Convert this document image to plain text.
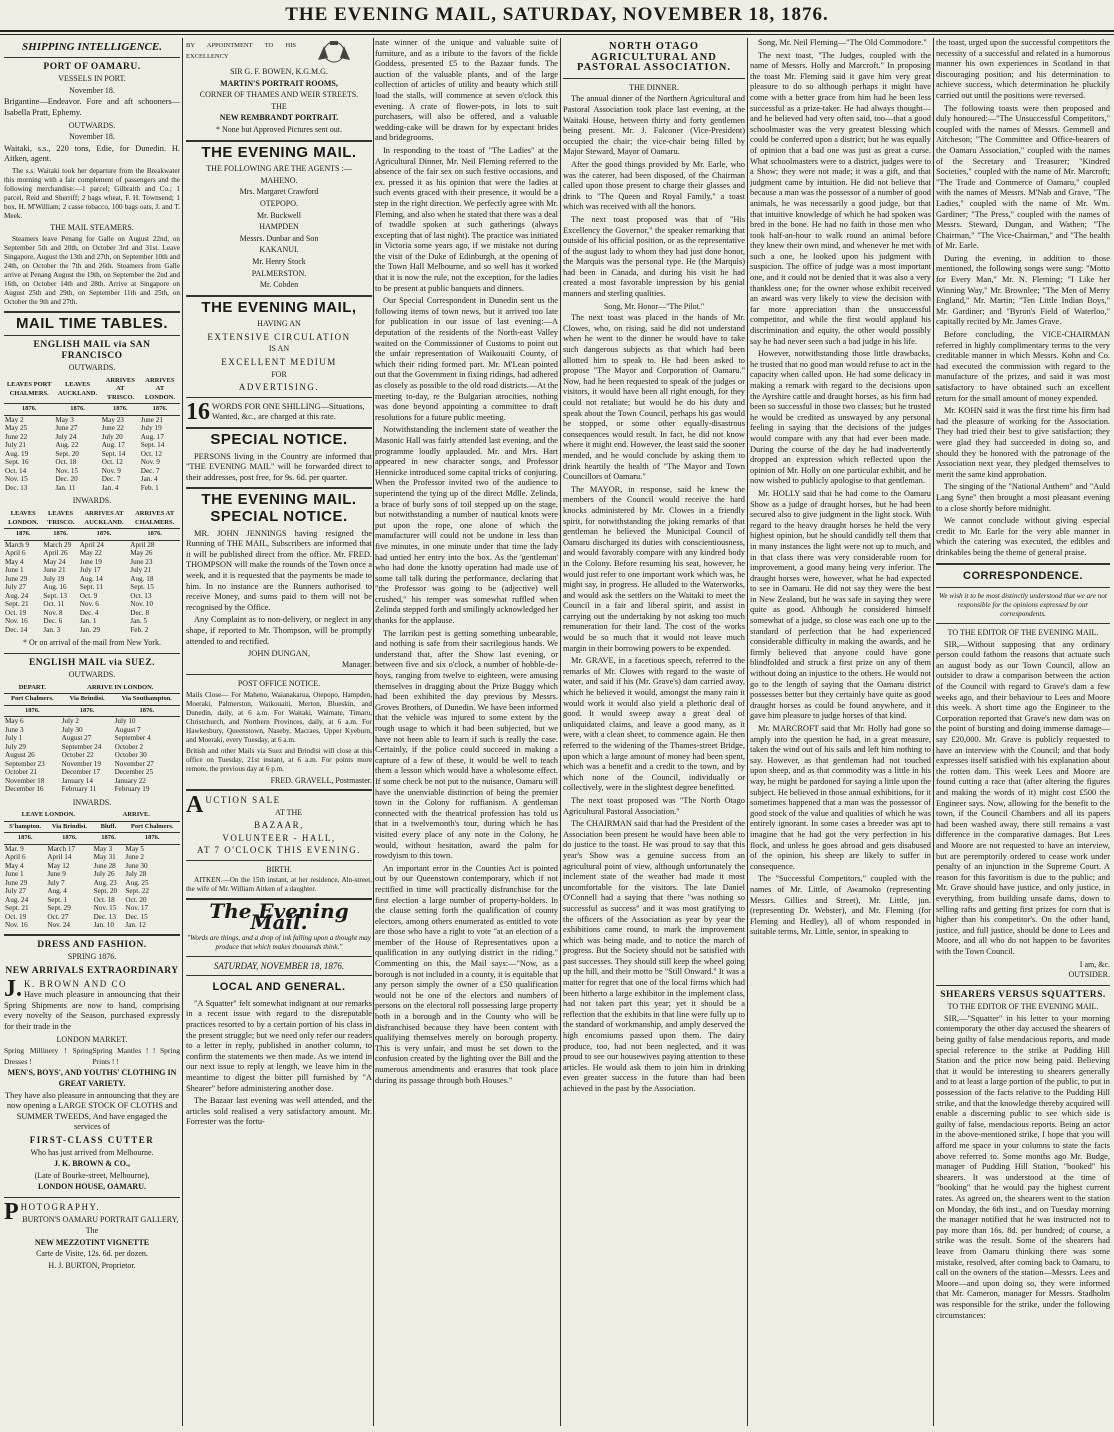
THE EVENING MAIL, SATURDAY, NOVEMBER 18, 1876.
SHIPPING INTELLIGENCE.
PORT OF OAMARU.
VESSELS IN PORT.
November 18.

Brigantine—Endeavor. Fore and aft schooners—Isabella Pratt, Ephemy.

OUTWARDS.
November 18.

Waitaki, s.s., 220 tons, Edie, for Dunedin. H. Aitken, agent.

The s.s. Waitaki took her departure from the Breakwater this morning with a fair complement of passengers and the following merchandise:—1 parcel; Gilbraith and Co.; 1 parcel, Reid and Sherriff; 2 bags wheat, F. H. Townsend; 1 box, H. M'William; 2 casse tobacco, 100 bags oats, J. and T. Meek.

THE MAIL STEAMERS.

Steamers leave Penang for Galle on August 22nd, on September 5th and 20th, on October 3rd and 31st. Leave Singapore, August the 13th and 27th, on September 10th and 24th, on October the 7th and 26th. Steamers from Galle arrive at Penang August the 19th, on September the 2nd and 16th, on October 14th and 28th. Arrive at Singapore on August 25th and 29th, on September 11th and 25th, on October the 9th and 27th.

MAIL TIME TABLES.
ENGLISH MAIL via SAN FRANCISCO
OUTWARDS.
LEAVES PORT CHALMERS.	LEAVES AUCKLAND.	ARRIVES AT 'FRISCO.	ARRIVES AT LONDON.
1876.	1876.	1876.	1876.
May 2	May 3	May 23	June 21
May 25	June 27	June 22	July 19
June 22	July 24	July 20	Aug. 17
July 21	Aug. 22	Aug. 17	Sept. 14
Aug. 19	Sept. 20	Sept. 14	Oct. 12
Sept. 16	Oct. 18	Oct. 12	Nov. 9
Oct. 14	Nov. 15	Nov. 9	Dec. 7
Nov. 15	Dec. 20	Dec. 7	Jan. 4
Dec. 13	Jan. 11	Jan. 4	Feb. 1
INWARDS.
LEAVES LONDON.	LEAVES 'FRISCO.	ARRIVES AT AUCKLAND.	ARRIVES AT CHALMERS.
1876.	1876.	1876.	1876.
March 9	March 29	April 24	April 28
April 6	April 26	May 22	May 26
May 4	May 24	June 19	June 23
June 1	June 21	July 17	July 21
June 29	July 19	Aug. 14	Aug. 18
July 27	Aug. 16	Sept. 11	Sept. 15
Aug. 24	Sept. 13	Oct. 9	Oct. 13
Sept. 21	Oct. 11	Nov. 6	Nov. 10
Oct. 19	Nov. 8	Dec. 4	Dec. 8
Nov. 16	Dec. 6	Jan. 1	Jan. 5
Dec. 14	Jan. 3	Jan. 29	Feb. 2
* Or on arrival of the mail from New York.
ENGLISH MAIL via SUEZ.
OUTWARDS.
DEPART.	ARRIVE IN LONDON.	
Port Chalmers.	Via Brindisi.	Via Southampton.
1876.	1876.	1876.
May 6	July 2	July 10
June 3	July 30	August 7
July 1	August 27	September 4
July 29	September 24	October 2
August 26	October 22	October 30
September 23	November 19	November 27
October 21	December 17	December 25
November 18	January 14	January 22
December 16	February 11	February 19
INWARDS.
LEAVE LONDON.		ARRIVE.	
S'hampton.	Via Brindisi.	Bluff.	Port Chalmers.
1876.	1876.	1876.	1876.
Mar. 9	March 17	May 3	May 5
April 6	April 14	May 31	June 2
May 4	May 12	June 28	June 30
June 1	June 9	July 26	July 28
June 29	July 7	Aug. 23	Aug. 25
July 27	Aug. 4	Sept. 20	Sept. 22
Aug. 24	Sept. 1	Oct. 18	Oct. 20
Sept. 21	Sept. 29	Nov. 15	Nov. 17
Oct. 19	Oct. 27	Dec. 13	Dec. 15
Nov. 16	Nov. 24	Jan. 10	Jan. 12
DRESS AND FASHION.
SPRING 1876.
NEW ARRIVALS EXTRAORDINARY
J. K. BROWN AND CO

Have much pleasure in announcing that their Spring Shipments are now to hand, comprising every novelty of the Season, purchased expressly for their trade in the

LONDON MARKET.
Spring Millinery ! Spring Dresses !
Spring Mantles ! ! Spring Prints ! !
MEN'S, BOYS', AND YOUTHS' CLOTHING IN GREAT VARIETY.

They have also pleasure in announcing that they are now opening a LARGE STOCK OF CLOTHS and SUMMER TWEEDS, And have engaged the services of

FIRST-CLASS CUTTER
Who has just arrived from Melbourne.
J. K. BROWN & CO.,
(Late of Bourke-street, Melbourne),
LONDON HOUSE, OAMARU.
PHOTOGRAPHY.
BURTON'S OAMARU PORTRAIT GALLERY,
The
NEW MEZZOTINT VIGNETTE
Carte de Visite, 12s. 6d. per dozen.
H. J. BURTON, Proprietor.
BY APPOINTMENT TO HIS EXCELLENCY
SIR G. F. BOWEN, K.G.M.G.
MARTIN'S PORTRAIT ROOMS,
CORNER OF THAMES AND WEIR STREETS.
THE
NEW REMBRANDT PORTRAIT.
* None but Approved Pictures sent out.
THE EVENING MAIL.
THE FOLLOWING ARE THE AGENTS :—
MAHENO.
Mrs. Margaret Crawford
OTEPOPO.
Mr. Buckwell
HAMPDEN
Messrs. Dunbar and Son
KAKANUI.
Mr. Henry Stock
PALMERSTON.
Mr. Cobden
THE EVENING MAIL,
HAVING AN
EXTENSIVE CIRCULATION
IS AN
EXCELLENT MEDIUM
FOR
ADVERTISING.
16 WORDS FOR ONE SHILLING—Situations, Wanted, &c., are charged at this rate.
SPECIAL NOTICE.

PERSONS living in the Country are informed that "THE EVENING MAIL" will be forwarded direct to their addresses, post free, for 9s. 6d. per quarter.

THE EVENING MAIL.
SPECIAL NOTICE.

MR. JOHN JENNINGS having resigned the Running of THE MAIL, Subscribers are informed that it will be published direct from the office. Mr. FRED. THOMPSON will make the rounds of the Town once a week, and it is requested that the payments be made to him. In no instance are the Runners authorised to receive Money, and sums paid to them will not be recognised by the Office.

Any Complaint as to non-delivery, or neglect in any shape, if reported to Mr. Thompson, will be promptly attended to and rectified.

JOHN DUNGAN,
Manager.
POST OFFICE NOTICE.

Mails Close— For Maheno, Waianakarua, Otepopo, Hampden, Moeraki, Palmerston, Waikouaiti, Merton, Blueskin, and Dunedin, daily, at 6 a.m. For Waitaki, Waimate, Timaru, Christchurch, and Northern Provinces, daily, at 6 a.m. For Hawkesbury, Queenstown, Naseby, Macraes, Upper Kyeburn, and Moeraki, every Tuesday, at 6 a.m.

British and other Mails via Suez and Brindisi will close at this office on Tuesday, 21st instant, at 6 a.m. For points more remote, the previous day at 6 p.m.

FRED. GRAVELL, Postmaster.
AUCTION SALE
AT THE
BAZAAR,
VOLUNTEER - HALL,
AT 7 O'CLOCK THIS EVENING.
BIRTH.

AITKEN.—On the 15th instant, at her residence, Aln-street, the wife of Mr. William Aitken of a daughter.

The Evening Mail.

"Words are things, and a drop of ink falling upon a thought may produce that which makes thousands think."

SATURDAY, NOVEMBER 18, 1876.
LOCAL AND GENERAL.

"A Squatter" felt somewhat indignant at our remarks in a recent issue with regard to the disreputable practices resorted to by a certain portion of his class in the present struggle; but we need only refer our readers to a letter in reply, published in another column, to confirm the statements we then made. As we intend in our next issue to reply at length, we leave him in the meantime to digest the bitter pill furnished by "A Shearer" before administering another dose.

The Bazaar last evening was well attended, and the articles sold realised a very satisfactory amount. Mr. Forrester was the fortu-

nate winner of the unique and valuable suite of furniture, and as a tribute to the favors of the fickle Goddess, presented £5 to the Bazaar funds. The auction of the valuable plants, and of the large collection of articles of utility and beauty which still load the stalls, will commence at seven o'clock this evening. A crate of flower-pots, in lots to suit purchasers, will also be offered, and a valuable wedding-cake will be drawn for by expectant brides and bridegrooms.

In responding to the toast of "The Ladies" at the Agricultural Dinner, Mr. Neil Fleming referred to the absence of the fair sex on such festive occasions, and ex. pressed it as his opinion that were the ladies at such events graced with their presence, it would be a step in the right direction. We perfectly agree with Mr. Fleming, and also when he stated that there was a deal of twaddle spoken at such gatherings (always excepting that of last night). The practice was initiated in Victoria some years ago, if we mistake not during the visit of the Duke of Edinburgh, at the opening of the Town Hall Melbourne, and so well has it worked that it is now the rule, not the exception, for the ladies to be present at public banquets and dinners.

Our Special Correspondent in Dunedin sent us the following items of town news, but it arrived too late for publication in our issue of last evening:—A deputation of the residents of the North-east Valley waited on the Commissioner of Customs to point out the unfair representation of Waikouaiti County, of which their riding formed part. Mr. M'Lean pointed out that the Government in fixing ridings, had adhered as closely as possible to the old road districts.—At the meeting to-day, re the Bulgarian atrocities, nothing was done beyond appointing a committee to draft resolutions for a future public meeting.

Notwithstanding the inclement state of weather the Masonic Hall was fairly attended last evening, and the programme loudly applauded. Mr. and Mrs. Hart appeared in new character songs, and Professor Hennicke introduced some capital tricks of conjuring. When the Professor invited two of the audience to superintend the tying up of the direct Mdlle. Zelinda, a brace of burly sons of toil stepped up on the stage, but notwithstanding a number of nautical knots were put upon the rope, one alone of which the manufacturer will could not be undone in less than five minutes, in one minute under that time the lady had untied her entry into the box. As the 'gentleman' who had done the knotty operation had made use of some tall talk during the performance, declaring that "the Professor was going to be (adjective) well crushed," his temper was somewhat ruffled when Zelinda stepped forth and smilingly acknowledged her thanks for the applause.

The larrikin pest is getting something unbearable, and nothing is safe from their sacrilegious hands. We understand that, after the Show last evening, or between five and six o'clock, a number of hobble-de-hoys, ranging from twelve to eighteen, were amusing themselves in dragging about the Prize Buggy which had been exhibited the day previous by Messrs. Groves Brothers, of Dunedin. We have been informed that the vehicle was injured to some extent by the rough usage to which it had been subjected, but we have not been able to learn if such is really the case. Certainly, if the police could succeed in making a capture of a few of these, it would be well to teach them a lesson which would have a wholesome effect. If some check be not put to the nuisance, Oamaru will have the unenviable distinction of being the premier town in the Colony for ruffianism. A gentleman connected with the theatrical profession has told us that in a twelvemonth's tour, during which he has visited every place of any note in the Colony, he would, without hesitation, award the palm for rowdyism to this town.

An important error in the Counties Act is pointed out by our Queenstown contemporary, which if not rectified in time will practically disfranchise for the first election a large number of property-holders. In the clause setting forth the qualification of county electors, among others enumerated as entitled to vote are those who have a right to vote "at an election of a member of the House of Representatives upon a qualification in any outlying district in the riding." Commenting on this, the Mail says:—"Now, as a borough is not included in a county, it is equitable that any person simply the owner of a £50 qualification would not be one of the electors and numbers of persons on the electoral roll possessing large property both in a borough and in the County who will be disfranchised because they have been content with qualifying themselves merely on borough property. This is very unfair, and must be set down to the confusion created by the lighting over the Bill and the numerous amendments and erasures that took place during its passage through both Houses."

NORTH OTAGO AGRICULTURAL AND PASTORAL ASSOCIATION.
THE DINNER.

The annual dinner of the Northern Agricultural and Pastoral Association took place last evening, at the Waitaki House, between thirty and forty gentlemen being present. Mr. J. Falconer (Vice-President) occupied the chair; the vice-chair being filled by Major Steward, Mayor of Oamaru.

After the good things provided by Mr. Earle, who was the caterer, had been disposed, of the Chairman called upon those present to charge their glasses and drink to "The Queen and Royal Family," a toast which was received with all the honors.

The next toast proposed was that of "His Excellency the Governor," the speaker remarking that outside of his official position, or as the representative of the august lady to whom they had just done honor, the Marquis was the personal type. He (the Marquis) had been in Canada, and during his visit he had created a most favorable impression by his genial manners and sterling qualities.

Song, Mr. Honor—"The Pilot."

The next toast was placed in the hands of Mr. Clowes, who, on rising, said he did not understand when he went to the dinner he would have to take such dangerous subjects as that which had been allotted him to speak to. He had been asked to propose "The Mayor and Corporation of Oamaru." Now, had he been requested to speak of the judges or visitors, it would have been all right enough, for they could not retaliate; but would he do his duty and speak about the Town Council, perhaps his gas would be stopped, or some other equally-disastrous consequences would result. In fact, he did not know where it might end. However, the least said the sooner mended, and he would conclude by asking them to drink heartily the health of "The Mayor and Town Councillors of Oamaru."

The MAYOR, in response, said he knew the members of the Council would receive the hard knocks administered by Mr. Clowes in a friendly spirit, for notwithstanding the joking remarks of that gentleman he believed the Municipal Council of Oamaru discharged its duties with conscientiousness, and would favorably compare with any kindred body in the Colony. Before resuming his seat, however, he would just refer to one important work which was, he might say, in progress. He alluded to the Waterworks, and would ask the settlers on the Waitaki to meet the Council in a fair and liberal spirit, and assist in carrying out the undertaking by not asking too much remuneration for their land. The cost of the works would be so much that it would not leave much margin in their borrowing powers to be expended.

Mr. GRAVE, in a facetious speech, referred to the remarks of Mr. Clowes with regard to the waste of water, and said if his (Mr. Grave's) dam carried away, which he believed it would, amongst the many rain it would work it would also yield a plethoric deal of good. It would sweep away a great deal of unliquidated claims, and leave a good many, as it were, with a clean sheet, to commence again. He then referred to the widening of the Thames-street Bridge, upon which a large amount of money had been spent, which was a benefit and a credit to the town, and by which none of the Council, individually or collectively, were in the slightest degree benefitted.

The next toast proposed was "The North Otago Agricultural Pastoral Association."

The CHAIRMAN said that had the President of the Association been present he would have been able to do justice to the toast. He was proud to say that this year's Show was a genuine success from an agricultural point of view, although unfortunately the inclement state of the weather had made it most uncomfortable for the visitors. The late Daniel O'Connell had a saying that there "was nothing so successful as success" and it was most gratifying to the officers of the Association as year by year the exhibitions came round, to mark the improvement which was being made, and to notice the march of progress. But the Society should not be satisfied with past successes. They should still keep the wheel going up the hill, and their motto be "Still Onward." It was a matter for regret that one of the local firms which had been hitherto a large exhibitor in the implement class, had not taken part this year; yet it should be a reflection that the exhibits in that line were fully up to the standard of workmanship, and amply deserved the high encomiums passed upon them. The dairy produce, too, had not been neglected, and it was proud to see our housewives paying attention to these articles. He would ask them to join him in drinking even greater success in the future than had been achieved in the past by the Association.

Song, Mr. Neil Fleming—"The Old Commodore."

The next toast, "The Judges, coupled with the name of Messrs. Holly and Marcroft." In proposing the toast Mr. Fleming said it gave him very great pleasure to do so although perhaps it might have come with a better grace from him had he been less successful as a prize-taker. He had always thought—and he believed had very often said, too—that a good schoolmaster was the very greatest blessing which could be conferred upon a district; but he was equally of opinion that a bad one was just as great a curse. What schoolmasters were to a district, judges were to a Show; they were not made; it was a gift, and that judgment came by intuition. He did not believe that because a man was the possessor of a number of good animals, he was necessarily a good judge, but that that intuitive knowledge of which he had spoken was bred in the bone. He had no faith in those men who took half-an-hour to walk round an animal before they knew their own mind, and whenever he met with such a one, he looked upon his judgment with suspicion. The office of judge was a most important one, and it could not be denied that it was also a very thankless one; for the owner whose exhibit received an award was very likely to view the decision with far more appreciation than the unsuccessful competitor, and while the first would applaud his discrimination and equity, the other would possibly say he had never seen such a bad judge in his life.

However, notwithstanding those little drawbacks, he trusted that no good man would refuse to act in the capacity when called upon. He had some delicacy in making a remark with regard to the decisions upon the Ayrshire cattle and draught horses, as his firm had been so successful in those two classes; but he trusted he would be credited as unswayed by any personal feeling in saying that the decisions of the judges would compare with any that had ever been made. During the course of the day he had inadvertently dropped an expression which reflected upon the opinion of Mr. Holly on one particular exhibit, and he now wished to publicly apologise to that gentleman.

Mr. HOLLY said that he had come to the Oamaru Show as a judge of draught horses, but he had been secured also to give judgment in the light stock. With regard to the heavy draught horses he held the very highest opinion, but he should candidly tell them that in many instances the light were not up to much, and in that class there was very considerable room for improvement, a good many being very inferior. The draught horses were, however, what he had expected to see in Oamaru. He did not say they were the best in New Zealand, but he was safe in saying they were quite as good. Although he considered himself somewhat of a judge, so close was each one up to the standard of perfection that he had experienced considerable difficulty in making the awards, and he firmly believed that anyone could have gone blindfolded and struck a first prize on any of them without doing an injustice to the others. He would not go to the length of saying that the Oamaru district possesses better but they certainly have quite as good draught horses as could be found anywhere, and it gave him pleasure to judge horses of that kind.

Mr. MARCROFT said that Mr. Holly had gone so amply into the question he had, in a great measure, taken the wind out of his sails and left him nothing to say. However, as that gentleman had not touched upon sheep, and as that commodity was a little in his way, he might be pardoned for saying a little upon the subject. He believed in those annual exhibitions, for it sometimes happened that a man was the possessor of good stock of the value and qualities of which he was entirely ignorant. In some cases a breeder was apt to imagine that he had got the very perfection in his flock, and unless he goes abroad and gets disabused of the opinion, his sheep are likely to suffer in consequence.

The "Successful Competitors," coupled with the names of Mr. Little, of Awamoko (representing Messrs. Gillies and Street), Mr. Little, jun. (representing Dr. Webster), and Mr. Fleming (for Fleming and Hedley), all of whom responded in suitable terms, Mr. Little, senior, in speaking to

the toast, urged upon the successful competitors the necessity of a successful and related in a humorous manner his own experiences in Scotland in that discouraging position; and his determination to achieve success, which determination he pluckily carried out until the positions were reversed.

The following toasts were then proposed and duly honoured:—"The Unsuccessful Competitors," coupled with the names of Messrs. Gemmell and Aitcheson; "The Committee and Office-bearers of the Oamaru Association," coupled with the names of the Secretary and Treasurer; "Kindred Societies," coupled with the name of Mr. Marcroft; "The Trade and Commerce of Oamaru," coupled with the names of Messrs. M'Nab and Grave, "The Ladies," coupled with the name of Mr. Wm. Gardiner; "The Press," coupled with the names of Messrs. Steward, Dungan, and Wathen; "The Chairman," "The Vice-Chairman," and "The health of Mr. Earle.

During the evening, in addition to those mentioned, the following songs were sung: "Motto for Every Man," Mr. N. Fleming; "I Like her Winning Way," Mr. Brownlee; "The Men of Merry England," Mr. Martin; "Ten Little Indian Boys," Mr. Gardiner; and "Byron's Field of Waterloo," capitally recited by Mr. James Grave.

Before concluding, the VICE-CHAIRMAN referred in highly complimentary terms to the very creditable manner in which Messrs. Kohn and Co. had executed the commission with regard to the manufacture of the prizes, and said it was most satisfactory to have obtained such an excellent return for the small amount of money expended.

Mr. KOHN said it was the first time his firm had had the pleasure of working for the Association. They had tried their best to give satisfaction; they were glad they had succeeded in doing so, and should they be honored with the patronage of the Association next year, they pledged themselves to merit the same kind approbation.

The singing of the "National Anthem" and "Auld Lang Syne" then brought a most pleasant evening to a close shortly before midnight.

We cannot conclude without giving especial credit to Mr. Earle for the very able manner in which the catering was executed, the edibles and drinkables being the theme of general praise.

CORRESPONDENCE.

We wish it to be most distinctly understood that we are not responsible for the opinions expressed by our correspondents.

TO THE EDITOR OF THE EVENING MAIL.

SIR,—Without supposing that any ordinary person could fathom the reasons that actuate such an august body as our Town Council, allow an outsider to draw a comparison between the action of the Council with regard to Grave's dam a few weeks ago, and their behaviour to Lees and Moore this week. A short time ago the Engineer to the Corporation reported that Grave's new dam was on the point of bursting and doing immense damage—say £20,000. Mr. Grave is publicly requested to have an interview with the Council; and that body expresses itself satisfied with his explanation about the rotten dam. This week Lees and Moore are found cutting a race that (after altering the figures and making the words of it) might cost £500 the Engineer says. Now, allowing for the benefit to the town, if the Council Chambers and all its papers had been washed away, there still remains a vast difference in the comparative damages. But Lees and Moore are not requested to have an interview, but are peremptorily ordered to cease work under penalty of an injunction in the Supreme Court. A reason for this favoritism is due to the public; and Mr. Grave should have justice, and only justice, in everything, from building unsafe dams, down to selling rafts and getting first prizes for corn that is higher than his competitor's. On the other hand, justice, and full justice, should be done to Lees and Moore, and all who do not happen to be favorites with the Town Council.

I am, &c.
OUTSIDER.
SHEARERS VERSUS SQUATTERS.
TO THE EDITOR OF THE EVENING MAIL.

SIR,—"Squatter" in his letter to your morning contemporary the other day accused the shearers of being guilty of false mendacious reports, and made special reference to the strike at Pudding Hill Station and the price now being paid. Believing that it would be interesting to shearers generally and to at least a large portion of the public, to put in possession of the facts relative to the Pudding Hill strike, and that the knowledge thereby acquired will enable a discerning public to see which side is guilty of false, mendacious reports. Being an actor in the above-mentioned strike, I hope that you will afford me space in your columns to state the facts above referred to. Some months ago Mr. Budge, manager of Pudding Hill Station, "booked" his shearers. It was understood at the time of "booking" that he would pay the highest current rates. As agreed on, the shearers went to the station on Monday, the 6th inst., and on Tuesday morning the manager notified that he was instructed not to pay more than 16s. 8d. per hundred; of course, a strike was the result. Some of the shearers had leave from Oamaru thinking there was some mistake, resolved, after coming back to Oamaru, to call on the owners of the station—Messrs. Lees and Moore—and upon doing so, they were informed that Mr. Cameron, manager for Messrs. Stadholm was responsible for the strike, under the following circumstances:
